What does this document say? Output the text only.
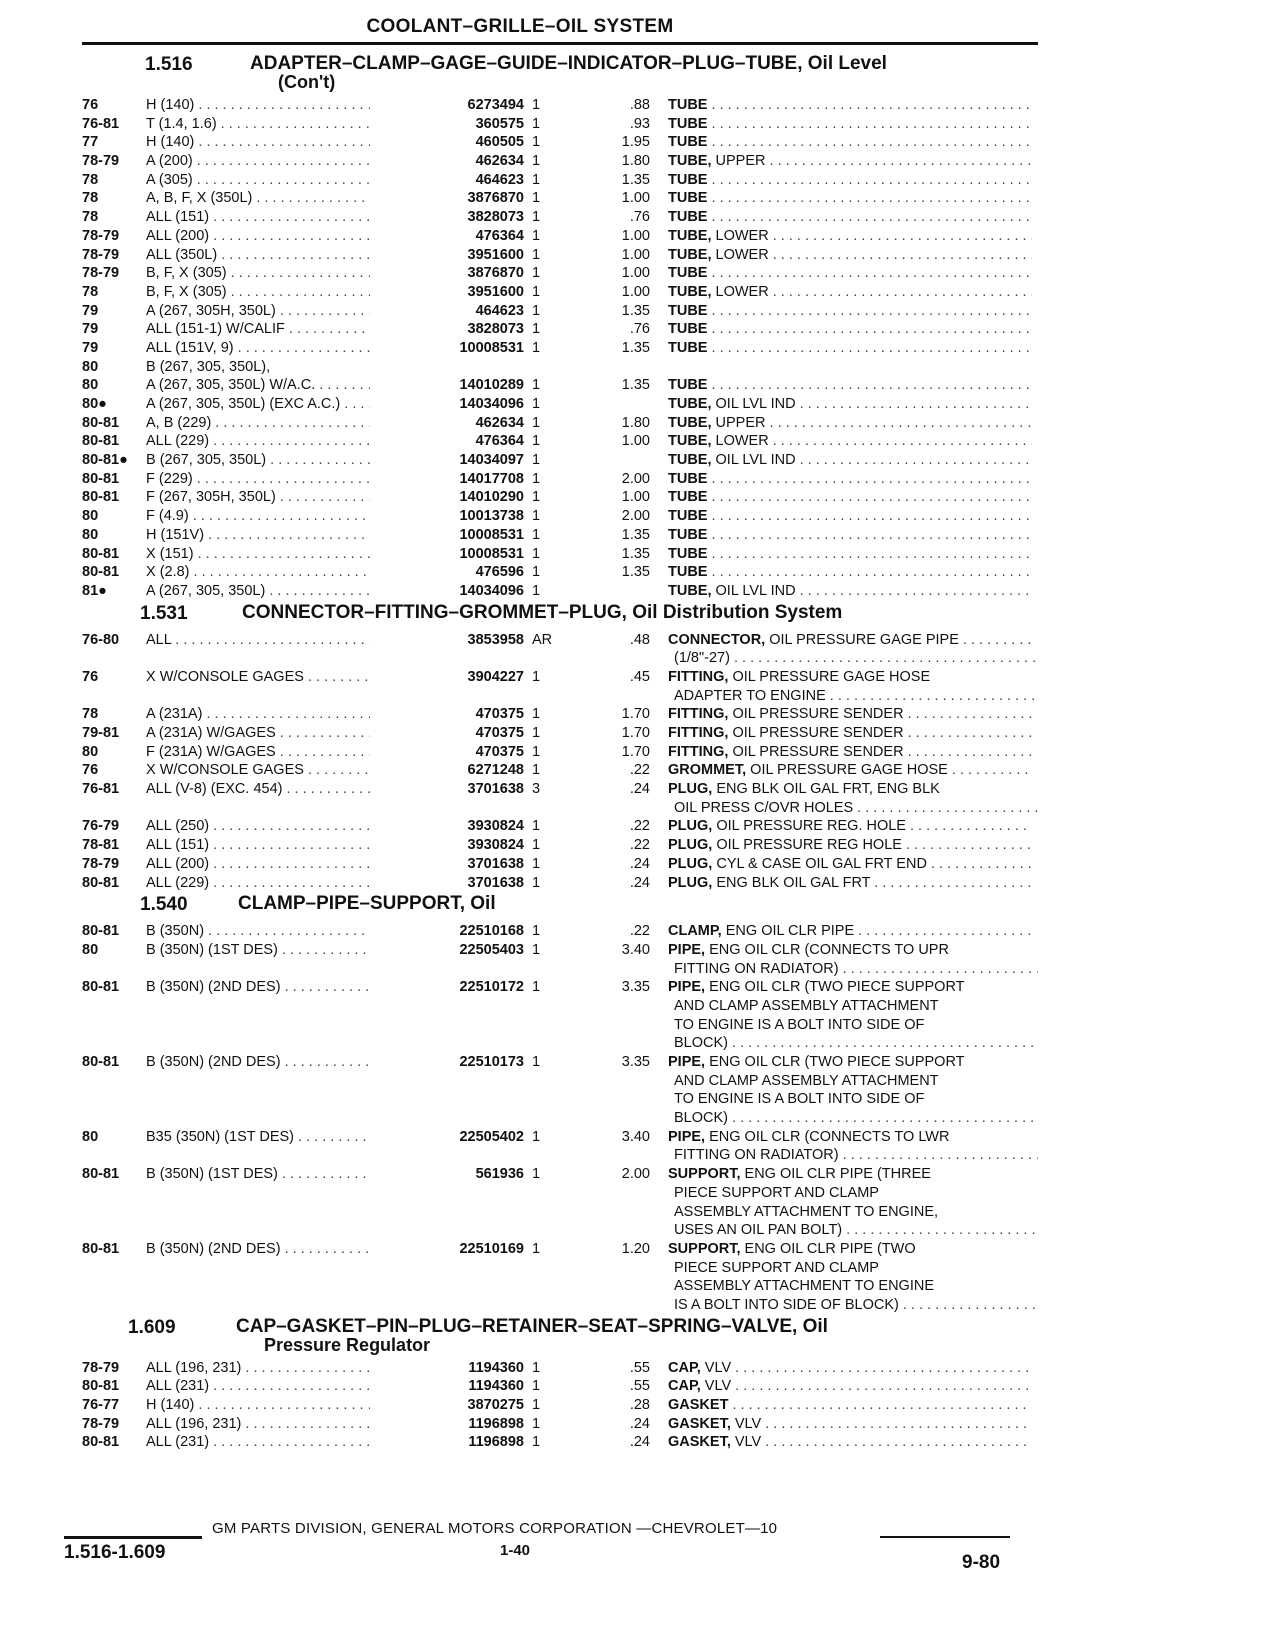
COOLANT–GRILLE–OIL SYSTEM
1.516	ADAPTER–CLAMP–GAGE–GUIDE–INDICATOR–PLUG–TUBE, Oil Level
(Con't)
76	H (140) . . .	6273494 1	.88 TUBE . . .
76-81	T (1.4, 1.6) . . .	360575 1	.93 TUBE . . .
77	H (140) . . .	460505 1	1.95 TUBE . . .
78-79	A (200) . . .	462634 1	1.80 TUBE, UPPER . . .
78	A (305) . . .	464623 1	1.35 TUBE . . .
78	A, B, F, X (350L) . . .	3876870 1	1.00 TUBE . . .
78	ALL (151) . . .	3828073 1	.76 TUBE . . .
78-79	ALL (200) . . .	476364 1	1.00 TUBE, LOWER . . .
78-79	ALL (350L) . . .	3951600 1	1.00 TUBE, LOWER . . .
78-79	B, F, X (305) . . .	3876870 1	1.00 TUBE . . .
78	B, F, X (305) . . .	3951600 1	1.00 TUBE, LOWER . . .
79	A (267, 305H, 350L) . . .	464623 1	1.35 TUBE . . .
79	ALL (151-1) W/CALIF . . .	3828073 1	.76 TUBE . . .
79	ALL (151V, 9) . . .	10008531 1	1.35 TUBE . . .
80	B (267, 305, 350L),
80	A (267, 305, 350L) W/A.C. . . .	14010289 1	1.35 TUBE . . .
80●	A (267, 305, 350L) (EXC A.C.) . . .	14034096 1	TUBE, OIL LVL IND . . .
80-81	A, B (229) . . .	462634 1	1.80 TUBE, UPPER . . .
80-81	ALL (229) . . .	476364 1	1.00 TUBE, LOWER . . .
80-81●	B (267, 305, 350L) . . .	14034097 1	TUBE, OIL LVL IND . . .
80-81	F (229) . . .	14017708 1	2.00 TUBE . . .
80-81	F (267, 305H, 350L) . . .	14010290 1	1.00 TUBE . . .
80	F (4.9) . . .	10013738 1	2.00 TUBE . . .
80	H (151V) . . .	10008531 1	1.35 TUBE . . .
80-81	X (151) . . .	10008531 1	1.35 TUBE . . .
80-81	X (2.8) . . .	476596 1	1.35 TUBE . . .
81●	A (267, 305, 350L) . . .	14034096 1	TUBE, OIL LVL IND . . .
1.531	CONNECTOR–FITTING–GROMMET–PLUG, Oil Distribution System
76-80	ALL . . .	3853958 AR	.48 CONNECTOR, OIL PRESSURE GAGE PIPE . . .
(1/8"-27) . . .
76	X W/CONSOLE GAGES . . .	3904227 1	.45 FITTING, OIL PRESSURE GAGE HOSE
ADAPTER TO ENGINE . . .
78	A (231A) . . .	470375 1	1.70 FITTING, OIL PRESSURE SENDER . . .
79-81	A (231A) W/GAGES . . .	470375 1	1.70 FITTING, OIL PRESSURE SENDER . . .
80	F (231A) W/GAGES . . .	470375 1	1.70 FITTING, OIL PRESSURE SENDER . . .
76	X W/CONSOLE GAGES . . .	6271248 1	.22 GROMMET, OIL PRESSURE GAGE HOSE . . .
76-81	ALL (V-8) (EXC. 454) . . .	3701638 3	.24 PLUG, ENG BLK OIL GAL FRT, ENG BLK
OIL PRESS C/OVR HOLES . . .
76-79	ALL (250) . . .	3930824 1	.22 PLUG, OIL PRESSURE REG. HOLE . . .
78-81	ALL (151) . . .	3930824 1	.22 PLUG, OIL PRESSURE REG HOLE . . .
78-79	ALL (200) . . .	3701638 1	.24 PLUG, CYL & CASE OIL GAL FRT END . . .
80-81	ALL (229) . . .	3701638 1	.24 PLUG, ENG BLK OIL GAL FRT . . .
1.540	CLAMP–PIPE–SUPPORT, Oil
80-81	B (350N) . . .	22510168 1	.22 CLAMP, ENG OIL CLR PIPE . . .
80	B (350N) (1ST DES) . . .	22505403 1	3.40 PIPE, ENG OIL CLR (CONNECTS TO UPR
FITTING ON RADIATOR) . . .
80-81	B (350N) (2ND DES) . . .	22510172 1	3.35 PIPE, ENG OIL CLR (TWO PIECE SUPPORT
AND CLAMP ASSEMBLY ATTACHMENT
TO ENGINE IS A BOLT INTO SIDE OF
BLOCK) . . .
80-81	B (350N) (2ND DES) . . .	22510173 1	3.35 PIPE, ENG OIL CLR (TWO PIECE SUPPORT
AND CLAMP ASSEMBLY ATTACHMENT
TO ENGINE IS A BOLT INTO SIDE OF
BLOCK) . . .
80	B35 (350N) (1ST DES) . . .	22505402 1	3.40 PIPE, ENG OIL CLR (CONNECTS TO LWR
FITTING ON RADIATOR) . . .
80-81	B (350N) (1ST DES) . . .	561936 1	2.00 SUPPORT, ENG OIL CLR PIPE (THREE
PIECE SUPPORT AND CLAMP
ASSEMBLY ATTACHMENT TO ENGINE,
USES AN OIL PAN BOLT) . . .
80-81	B (350N) (2ND DES) . . .	22510169 1	1.20 SUPPORT, ENG OIL CLR PIPE (TWO
PIECE SUPPORT AND CLAMP
ASSEMBLY ATTACHMENT TO ENGINE
IS A BOLT INTO SIDE OF BLOCK) . . .
1.609	CAP–GASKET–PIN–PLUG–RETAINER–SEAT–SPRING–VALVE, Oil
Pressure Regulator
78-79	ALL (196, 231) . . .	1194360 1	.55 CAP, VLV . . .
80-81	ALL (231) . . .	1194360 1	.55 CAP, VLV . . .
76-77	H (140) . . .	3870275 1	.28 GASKET . . .
78-79	ALL (196, 231) . . .	1196898 1	.24 GASKET, VLV . . .
80-81	ALL (231) . . .	1196898 1	.24 GASKET, VLV . . .
GM PARTS DIVISION, GENERAL MOTORS CORPORATION —CHEVROLET—10
1.516-1.609	1-40
9-80
